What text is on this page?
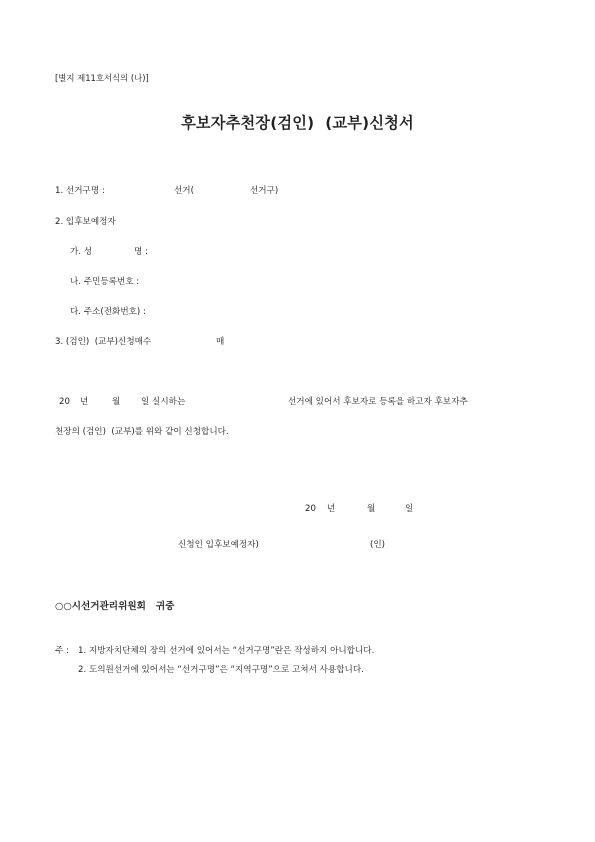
[별지 제11호서식의 (나)]
후보자추천장(검인)  (교부)신청서
1. 선거구명 :	선거(	선거구)
2. 입후보예정자
가. 성	명 :
나. 주민등록번호 :
다. 주소(전화번호) :
3. (검인)  (교부)신청매수	매
20 년	월 일 실시하는	선거에 있어서 후보자로 등록을 하고자 후보자추
천장의 (검인)  (교부)를 위와 같이 신청합니다.
20 년	월	일
신청인 입후보예정자)	(인)
○○시선거관리위원회   귀중
주 : 1. 지방자치단체의 장의 선거에 있어서는 “선거구명”란은 작성하지 아니합니다.
2. 도의원선거에 있어서는 “선거구명”은 “지역구명”으로 고쳐서 사용합니다.
